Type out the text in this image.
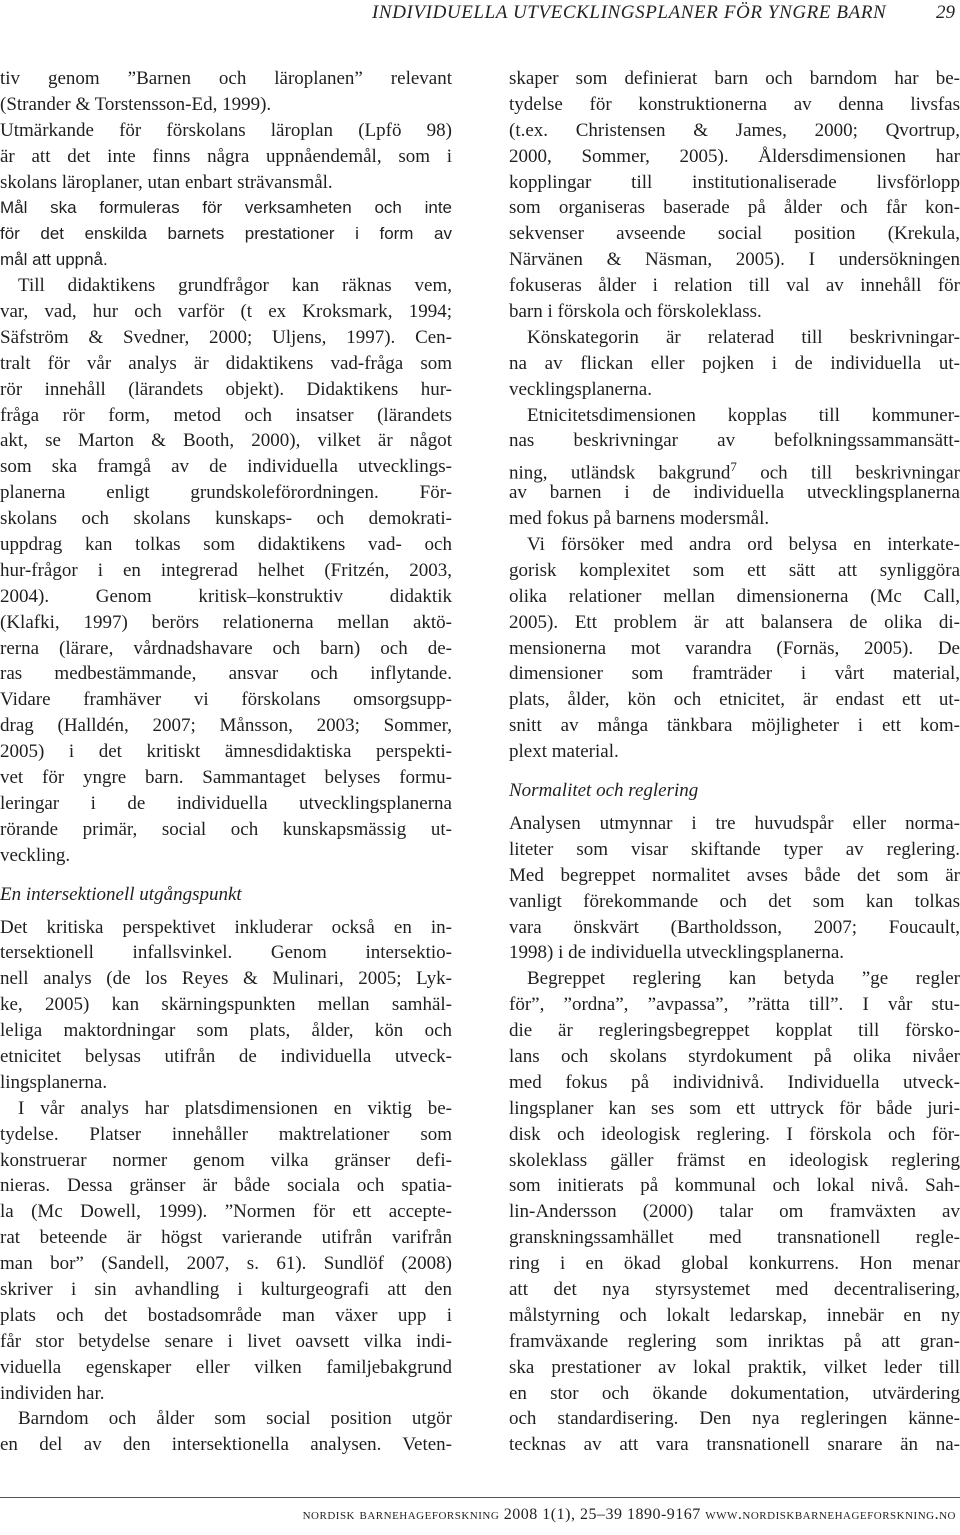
INDIVIDUELLA UTVECKLINGSPLANER FÖR YNGRE BARN	29
tiv genom ”Barnen och läroplanen” relevant
(Strander & Torstensson-Ed, 1999).
Utmärkande för förskolans läroplan (Lpfö 98)
är att det inte finns några uppnåendemål, som i
skolans läroplaner, utan enbart strävansmål.
Mål ska formuleras för verksamheten och inte
för det enskilda barnets prestationer i form av
mål att uppnå.
Till didaktikens grundfrågor kan räknas vem,
var, vad, hur och varför (t ex Kroksmark, 1994;
Säfström & Svedner, 2000; Uljens, 1997). Cen-
tralt för vår analys är didaktikens vad-fråga som
rör innehåll (lärandets objekt). Didaktikens hur-
fråga rör form, metod och insatser (lärandets
akt, se Marton & Booth, 2000), vilket är något
som ska framgå av de individuella utvecklings-
planerna enligt grundskoleförordningen. För-
skolans och skolans kunskaps- och demokrati-
uppdrag kan tolkas som didaktikens vad- och
hur-frågor i en integrerad helhet (Fritzén, 2003,
2004). Genom kritisk–konstruktiv didaktik
(Klafki, 1997) berörs relationerna mellan aktö-
rerna (lärare, vårdnadshavare och barn) och de-
ras medbestämmande, ansvar och inflytande.
Vidare framhäver vi förskolans omsorgsupp-
drag (Halldén, 2007; Månsson, 2003; Sommer,
2005) i det kritiskt ämnesdidaktiska perspekti-
vet för yngre barn. Sammantaget belyses formu-
leringar i de individuella utvecklingsplanerna
rörande primär, social och kunskapsmässig ut-
veckling.
En intersektionell utgångspunkt
Det kritiska perspektivet inkluderar också en in-
tersektionell infallsvinkel. Genom intersektio-
nell analys (de los Reyes & Mulinari, 2005; Lyk-
ke, 2005) kan skärningspunkten mellan samhäl-
leliga maktordningar som plats, ålder, kön och
etnicitet belysas utifrån de individuella utveck-
lingsplanerna.
I vår analys har platsdimensionen en viktig be-
tydelse. Platser innehåller maktrelationer som
konstruerar normer genom vilka gränser defi-
nieras. Dessa gränser är både sociala och spatia-
la (Mc Dowell, 1999). ”Normen för ett accepte-
rat beteende är högst varierande utifrån varifrån
man bor” (Sandell, 2007, s. 61). Sundlöf (2008)
skriver i sin avhandling i kulturgeografi att den
plats och det bostadsområde man växer upp i
får stor betydelse senare i livet oavsett vilka indi-
viduella egenskaper eller vilken familjebakgrund
individen har.
Barndom och ålder som social position utgör
en del av den intersektionella analysen. Veten-
skaper som definierat barn och barndom har be-
tydelse för konstruktionerna av denna livsfas
(t.ex. Christensen & James, 2000; Qvortrup,
2000, Sommer, 2005). Åldersdimensionen har
kopplingar till institutionaliserade livsförlopp
som organiseras baserade på ålder och får kon-
sekvenser avseende social position (Krekula,
Närvänen & Näsman, 2005). I undersökningen
fokuseras ålder i relation till val av innehåll för
barn i förskola och förskoleklass.
Könskategorin är relaterad till beskrivningar-
na av flickan eller pojken i de individuella ut-
vecklingsplanerna.
Etnicitetsdimensionen kopplas till kommuner-
nas beskrivningar av befolkningssammansätt-
ning, utländsk bakgrund$^7$ och till beskrivningar
av barnen i de individuella utvecklingsplanerna
med fokus på barnens modersmål.
Vi försöker med andra ord belysa en interkate-
gorisk komplexitet som ett sätt att synliggöra
olika relationer mellan dimensionerna (Mc Call,
2005). Ett problem är att balansera de olika di-
mensionerna mot varandra (Fornäs, 2005). De
dimensioner som framträder i vårt material,
plats, ålder, kön och etnicitet, är endast ett ut-
snitt av många tänkbara möjligheter i ett kom-
plext material.
Normalitet och reglering
Analysen utmynnar i tre huvudspår eller norma-
liteter som visar skiftande typer av reglering.
Med begreppet normalitet avses både det som är
vanligt förekommande och det som kan tolkas
vara önskvärt (Bartholdsson, 2007; Foucault,
1998) i de individuella utvecklingsplanerna.
Begreppet reglering kan betyda ”ge regler
för”, ”ordna”, ”avpassa”, ”rätta till”. I vår stu-
die är regleringsbegreppet kopplat till försko-
lans och skolans styrdokument på olika nivåer
med fokus på individnivå. Individuella utveck-
lingsplaner kan ses som ett uttryck för både juri-
disk och ideologisk reglering. I förskola och för-
skoleklass gäller främst en ideologisk reglering
som initierats på kommunal och lokal nivå. Sah-
lin-Andersson (2000) talar om framväxten av
granskningssamhället med transnationell regle-
ring i en ökad global konkurrens. Hon menar
att det nya styrsystemet med decentralisering,
målstyrning och lokalt ledarskap, innebär en ny
framväxande reglering som inriktas på att gran-
ska prestationer av lokal praktik, vilket leder till
en stor och ökande dokumentation, utvärdering
och standardisering. Den nya regleringen känne-
tecknas av att vara transnationell snarare än na-
nordisk barnehageforskning 2008 1(1), 25–39 1890-9167 www.nordiskbarnehageforskning.no
